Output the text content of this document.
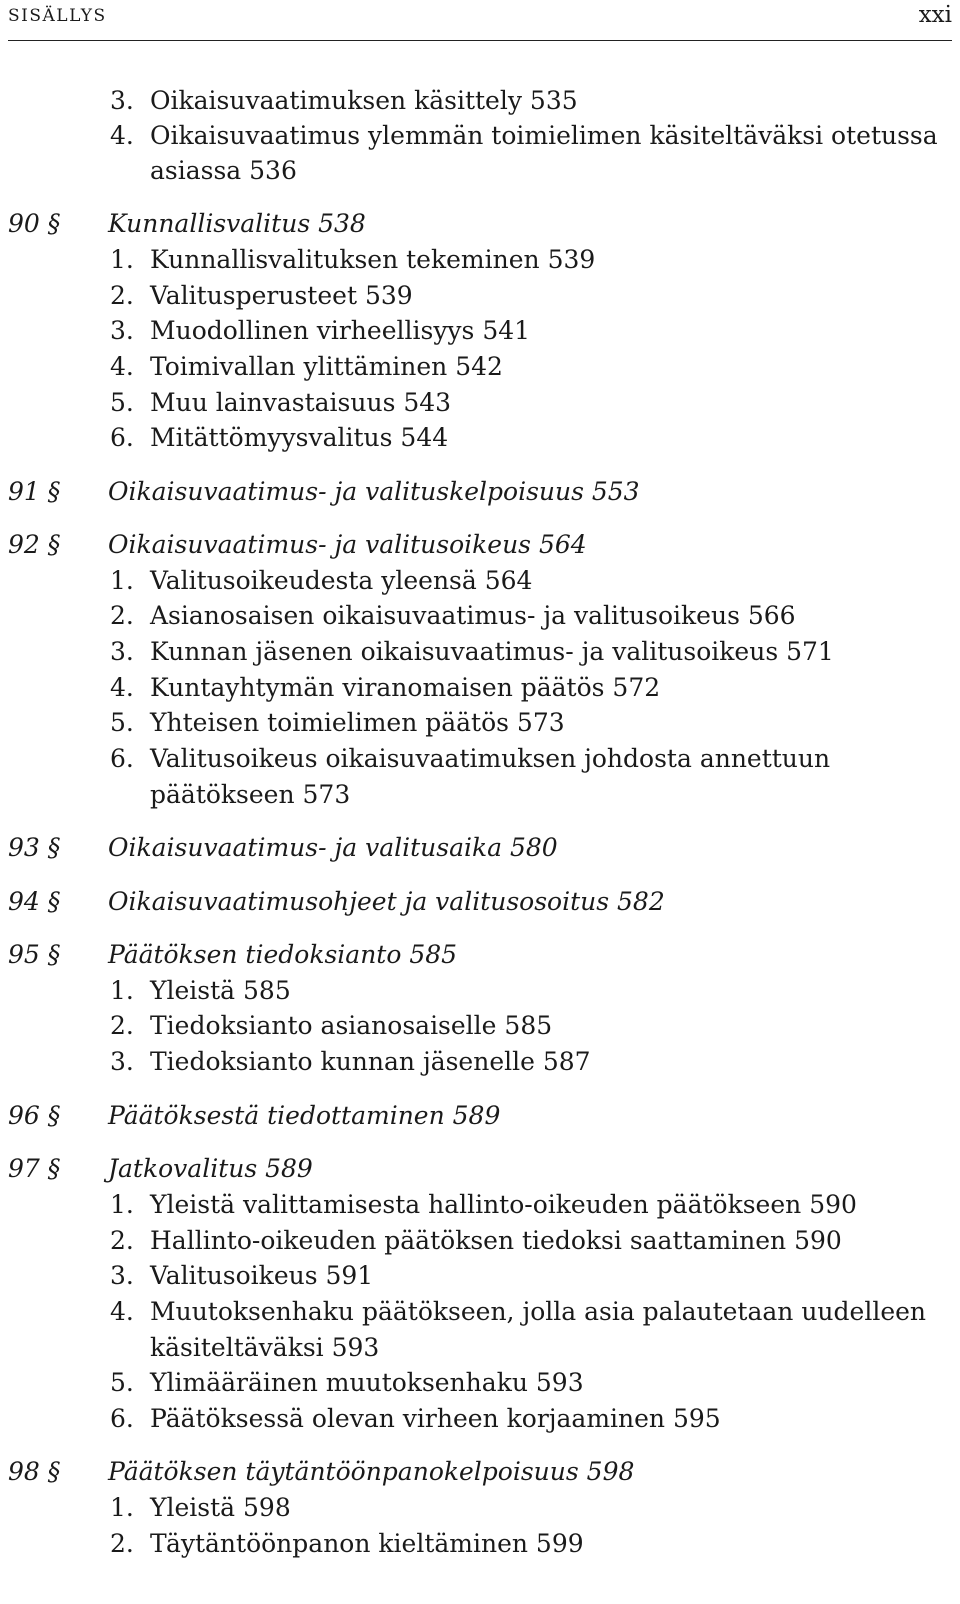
SISÄLLYS	xxi
3. Oikaisuvaatimuksen käsittely 535
4. Oikaisuvaatimus ylemmän toimielimen käsiteltäväksi otetussa
asiassa 536
90 § Kunnallisvalitus 538
1. Kunnallisvalituksen tekeminen 539
2. Valitusperusteet 539
3. Muodollinen virheellisyys 541
4. Toimivallan ylittäminen 542
5. Muu lainvastaisuus 543
6. Mitättömyysvalitus 544
91 § Oikaisuvaatimus- ja valituskelpoisuus 553
92 § Oikaisuvaatimus- ja valitusoikeus 564
1. Valitusoikeudesta yleensä 564
2. Asianosaisen oikaisuvaatimus- ja valitusoikeus 566
3. Kunnan jäsenen oikaisuvaatimus- ja valitusoikeus 571
4. Kuntayhtymän viranomaisen päätös 572
5. Yhteisen toimielimen päätös 573
6. Valitusoikeus oikaisuvaatimuksen johdosta annettuun
päätökseen 573
93 § Oikaisuvaatimus- ja valitusaika 580
94 § Oikaisuvaatimusohjeet ja valitusosoitus 582
95 § Päätöksen tiedoksianto 585
1. Yleistä 585
2. Tiedoksianto asianosaiselle 585
3. Tiedoksianto kunnan jäsenelle 587
96 § Päätöksestä tiedottaminen 589
97 § Jatkovalitus 589
1. Yleistä valittamisesta hallinto-oikeuden päätökseen 590
2. Hallinto-oikeuden päätöksen tiedoksi saattaminen 590
3. Valitusoikeus 591
4. Muutoksenhaku päätökseen, jolla asia palautetaan uudelleen
käsiteltäväksi 593
5. Ylimääräinen muutoksenhaku 593
6. Päätöksessä olevan virheen korjaaminen 595
98 § Päätöksen täytäntöönpanokelpoisuus 598
1. Yleistä 598
2. Täytäntöönpanon kieltäminen 599
